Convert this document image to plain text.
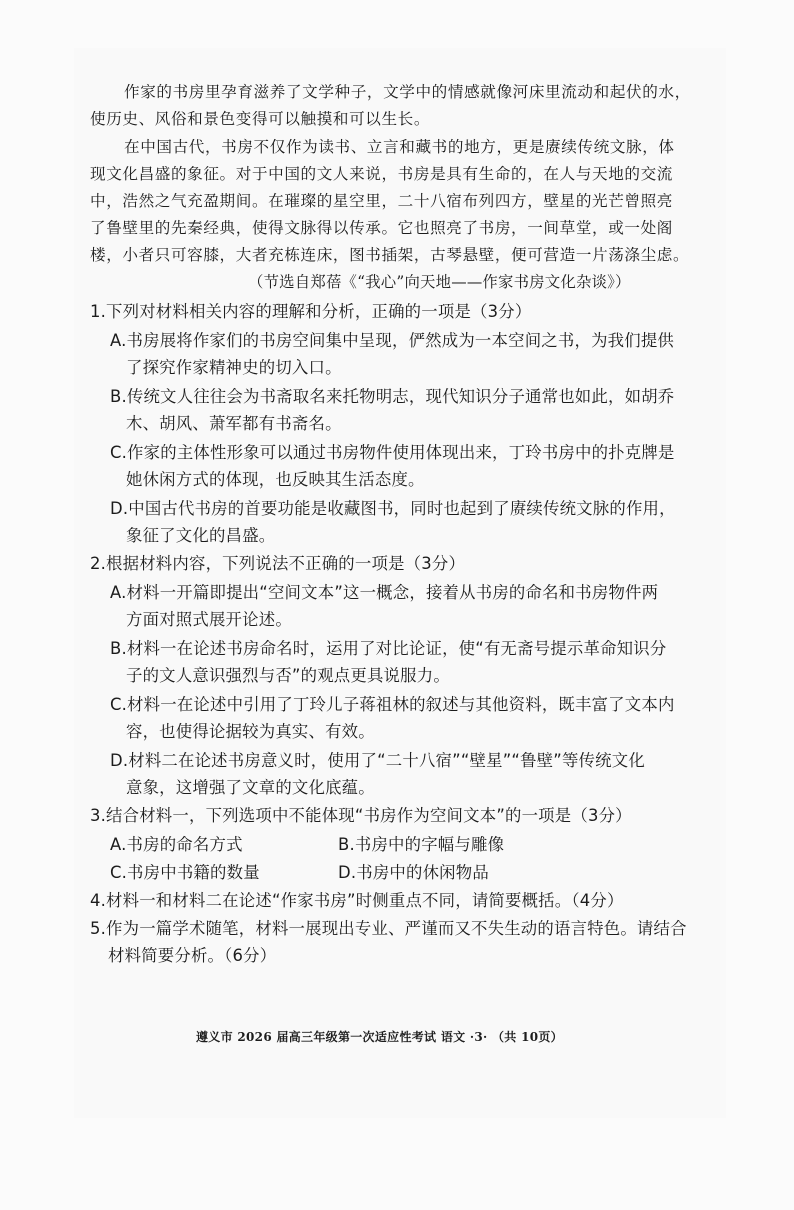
作家的书房里孕育滋养了文学种子，文学中的情感就像河床里流动和起伏的水，
使历史、风俗和景色变得可以触摸和可以生长。
在中国古代，书房不仅作为读书、立言和藏书的地方，更是赓续传统文脉，体
现文化昌盛的象征。对于中国的文人来说，书房是具有生命的，在人与天地的交流
中，浩然之气充盈期间。在璀璨的星空里，二十八宿布列四方，壁星的光芒曾照亮
了鲁壁里的先秦经典，使得文脉得以传承。它也照亮了书房，一间草堂，或一处阁
楼，小者只可容膝，大者充栋连床，图书插架，古琴悬壁，便可营造一片荡涤尘虑。
（节选自郑蓓《“我心”向天地——作家书房文化杂谈》）
1.下列对材料相关内容的理解和分析，正确的一项是（3分）
A.书房展将作家们的书房空间集中呈现，俨然成为一本空间之书，为我们提供
了探究作家精神史的切入口。
B.传统文人往往会为书斋取名来托物明志，现代知识分子通常也如此，如胡乔
木、胡风、萧军都有书斋名。
C.作家的主体性形象可以通过书房物件使用体现出来，丁玲书房中的扑克牌是
她休闲方式的体现，也反映其生活态度。
D.中国古代书房的首要功能是收藏图书，同时也起到了赓续传统文脉的作用，
象征了文化的昌盛。
2.根据材料内容，下列说法不正确的一项是（3分）
A.材料一开篇即提出“空间文本”这一概念，接着从书房的命名和书房物件两
方面对照式展开论述。
B.材料一在论述书房命名时，运用了对比论证，使“有无斋号提示革命知识分
子的文人意识强烈与否”的观点更具说服力。
C.材料一在论述中引用了丁玲儿子蒋祖林的叙述与其他资料，既丰富了文本内
容，也使得论据较为真实、有效。
D.材料二在论述书房意义时，使用了“二十八宿”“壁星”“鲁壁”等传统文化
意象，这增强了文章的文化底蕴。
3.结合材料一，下列选项中不能体现“书房作为空间文本”的一项是（3分）
A.书房的命名方式	B.书房中的字幅与雕像
C.书房中书籍的数量	D.书房中的休闲物品
4.材料一和材料二在论述“作家书房”时侧重点不同，请简要概括。（4分）
5.作为一篇学术随笔，材料一展现出专业、严谨而又不失生动的语言特色。请结合
材料简要分析。（6分）
遵义市 2026 届高三年级第一次适应性考试 语文 ·3· （共 10页）
